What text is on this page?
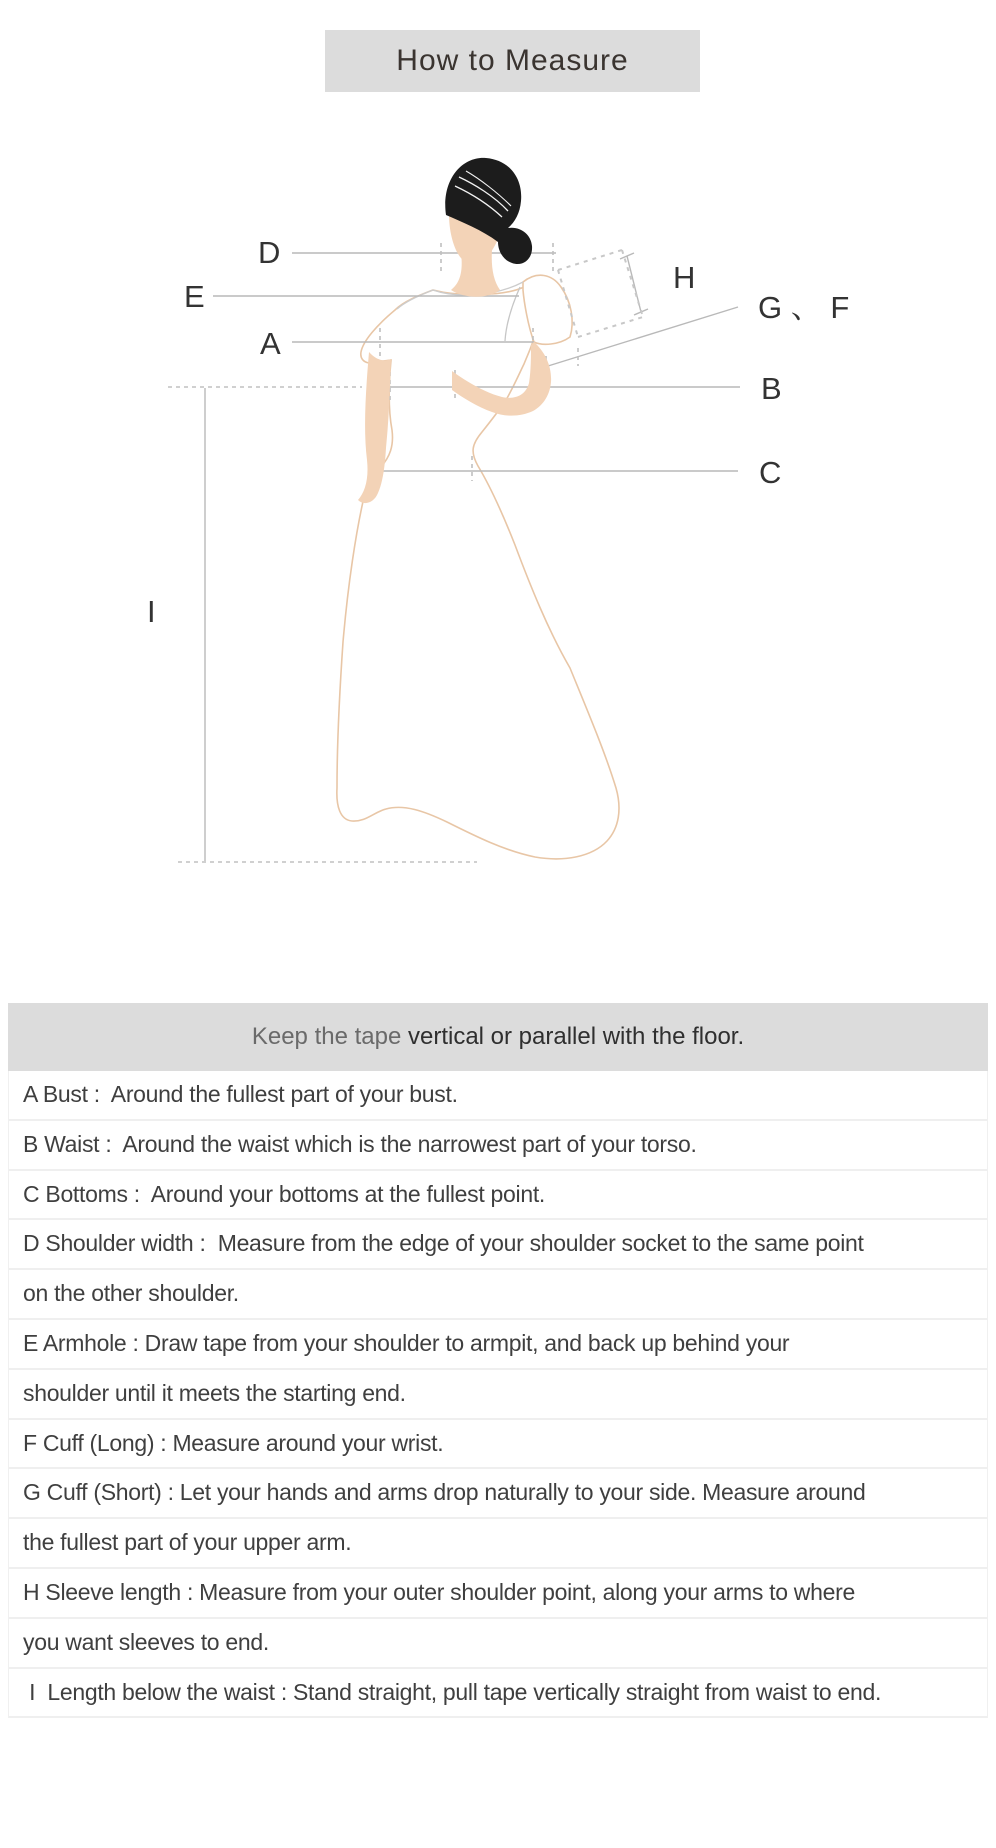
How to Measure
D
E
A
H
G 、 F
B
C
I
Keep the tape vertical or parallel with the floor.
A Bust :  Around the fullest part of your bust.
B Waist :  Around the waist which is the narrowest part of your torso.
C Bottoms :  Around your bottoms at the fullest point.
D Shoulder width :  Measure from the edge of your shoulder socket to the same point
on the other shoulder.
E Armhole : Draw tape from your shoulder to armpit, and back up behind your
shoulder until it meets the starting end.
F Cuff (Long) : Measure around your wrist.
G Cuff (Short) : Let your hands and arms drop naturally to your side. Measure around
the fullest part of your upper arm.
H Sleeve length : Measure from your outer shoulder point, along your arms to where
you want sleeves to end.
I  Length below the waist : Stand straight, pull tape vertically straight from waist to end.
